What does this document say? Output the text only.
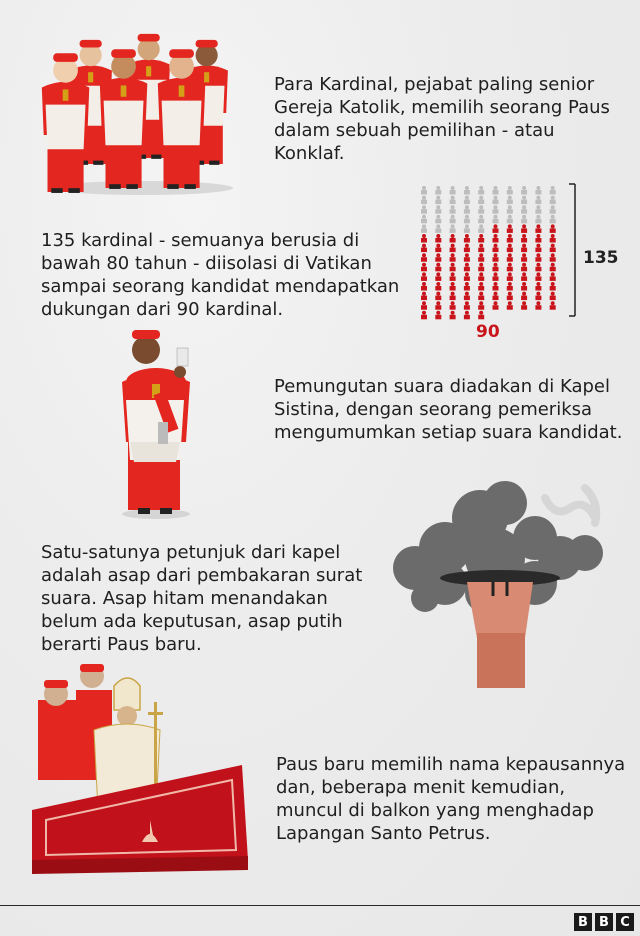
Para Kardinal, pejabat paling senior
Gereja Katolik, memilih seorang Paus
dalam sebuah pemilihan - atau
Konklaf.
135 kardinal - semuanya berusia di
bawah 80 tahun - diisolasi di Vatikan
sampai seorang kandidat mendapatkan
dukungan dari 90 kardinal.
135
90
Pemungutan suara diadakan di Kapel
Sistina, dengan seorang pemeriksa
mengumumkan setiap suara kandidat.
Satu-satunya petunjuk dari kapel
adalah asap dari pembakaran surat
suara. Asap hitam menandakan
belum ada keputusan, asap putih
berarti Paus baru.
Paus baru memilih nama kepausannya
dan, beberapa menit kemudian,
muncul di balkon yang menghadap
Lapangan Santo Petrus.
B B C
